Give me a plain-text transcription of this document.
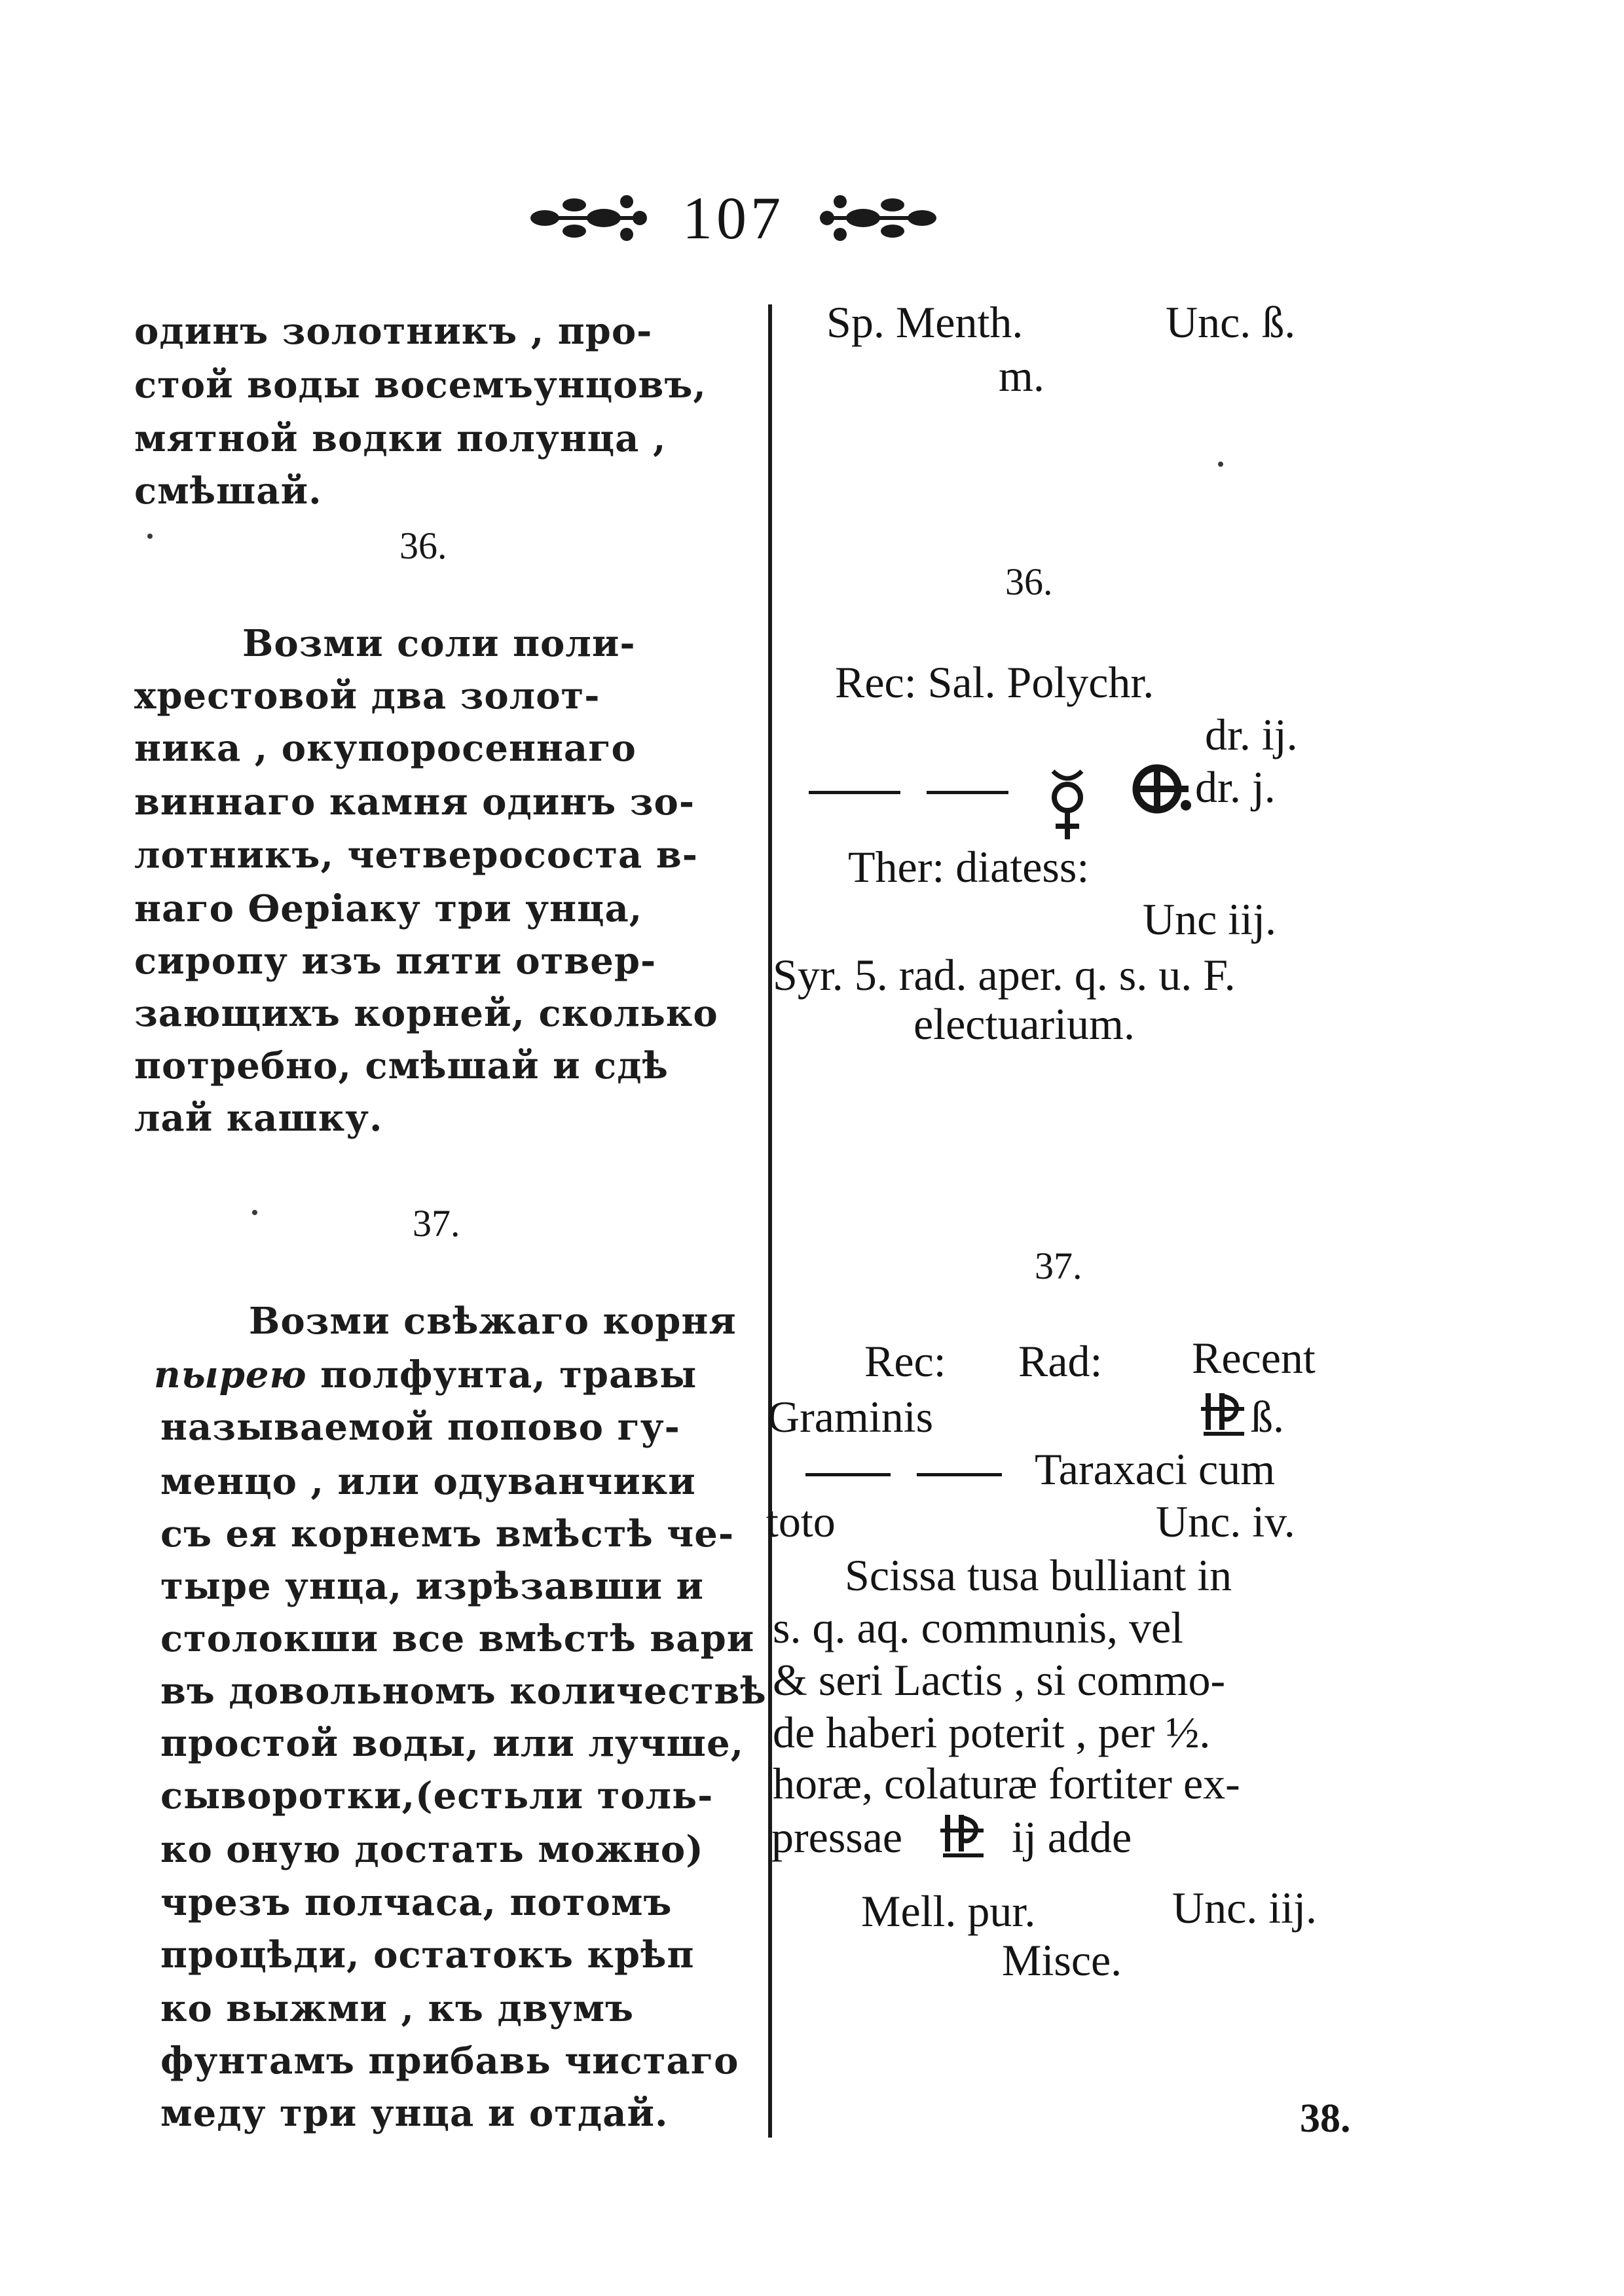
107
одинъ золотникъ , про-
стой воды восемъунцовъ,
мятной водки полунца ,
смѣшай.
36.
Возми соли поли-
хрестовой два золот-
ника , окупоросеннаго
виннаго камня одинъ зо-
лотникъ, четверососта в-
наго Ѳеріаку три унца,
сиропу изъ пяти отвер-
зающихъ корней, сколько
потребно, смѣшай и сдѣ
лай кашку.
37.
Возми свѣжаго корня
пырею полфунта, травы
называемой попово гу-
менцо , или одуванчики
съ ея корнемъ вмѣстѣ че-
тыре унца, изрѣзавши и
столокши все вмѣстѣ вари
въ довольномъ количествѣ
простой воды, или лучше,
сыворотки,(естьли толь-
ко оную достать можно)
чрезъ полчаса, потомъ
процѣди, остатокъ крѣп
ко выжми , къ двумъ
фунтамъ прибавь чистаго
меду три унца и отдай.
Sp. Menth.	Unc. ß.
m.
36.
Rec: Sal. Polychr.
dr. ij.
dr. j.
Ther: diatess:
Unc iij.
Syr. 5. rad. aper. q. s. u. F.
electuarium.
37.
Rec: Rad: Recent
Graminis	ß.
Taraxaci cum
toto	Unc. iv.
Scissa tusa bulliant in
s. q. aq. communis, vel
& seri Lactis , si commo-
de haberi poterit , per ½.
horæ, colaturæ fortiter ex-
pressae ij adde
Mell. pur.	Unc. iij.
Misce.
38.
